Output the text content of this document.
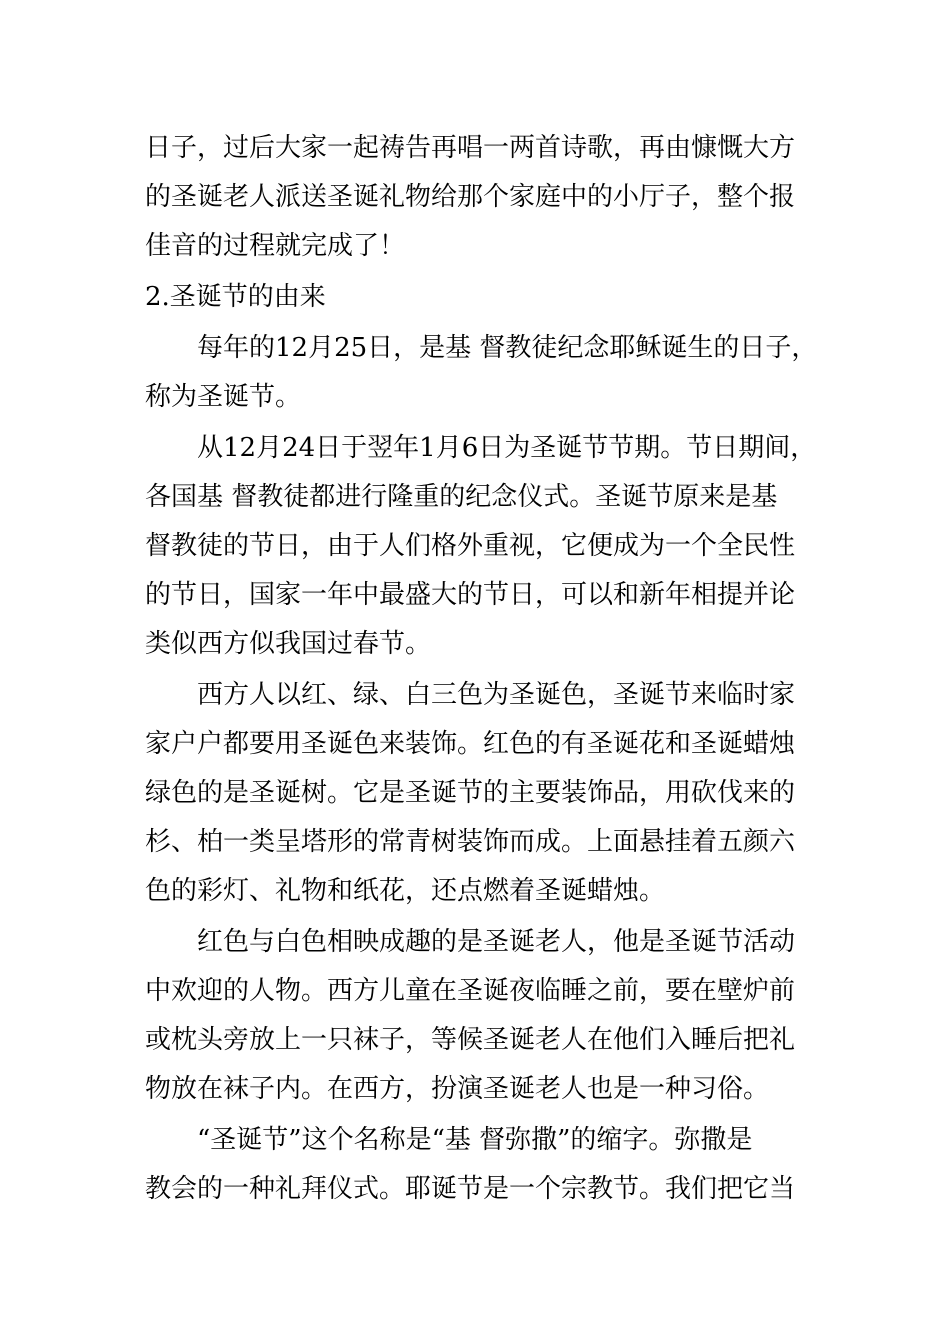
日子，过后大家一起祷告再唱一两首诗歌，再由慷慨大方
的圣诞老人派送圣诞礼物给那个家庭中的小厅子，整个报
佳音的过程就完成了！
2.圣诞节的由来
每年的12月25日，是基 督教徒纪念耶稣诞生的日子，
称为圣诞节。
从12月24日于翌年1月6日为圣诞节节期。节日期间，
各国基 督教徒都进行隆重的纪念仪式。圣诞节原来是基
督教徒的节日，由于人们格外重视，它便成为一个全民性
的节日，国家一年中最盛大的节日，可以和新年相提并论
类似西方似我国过春节。
西方人以红、绿、白三色为圣诞色，圣诞节来临时家
家户户都要用圣诞色来装饰。红色的有圣诞花和圣诞蜡烛
绿色的是圣诞树。它是圣诞节的主要装饰品，用砍伐来的
杉、柏一类呈塔形的常青树装饰而成。上面悬挂着五颜六
色的彩灯、礼物和纸花，还点燃着圣诞蜡烛。
红色与白色相映成趣的是圣诞老人，他是圣诞节活动
中欢迎的人物。西方儿童在圣诞夜临睡之前，要在壁炉前
或枕头旁放上一只袜子，等候圣诞老人在他们入睡后把礼
物放在袜子内。在西方，扮演圣诞老人也是一种习俗。
“圣诞节”这个名称是“基 督弥撒”的缩字。弥撒是
教会的一种礼拜仪式。耶诞节是一个宗教节。我们把它当
